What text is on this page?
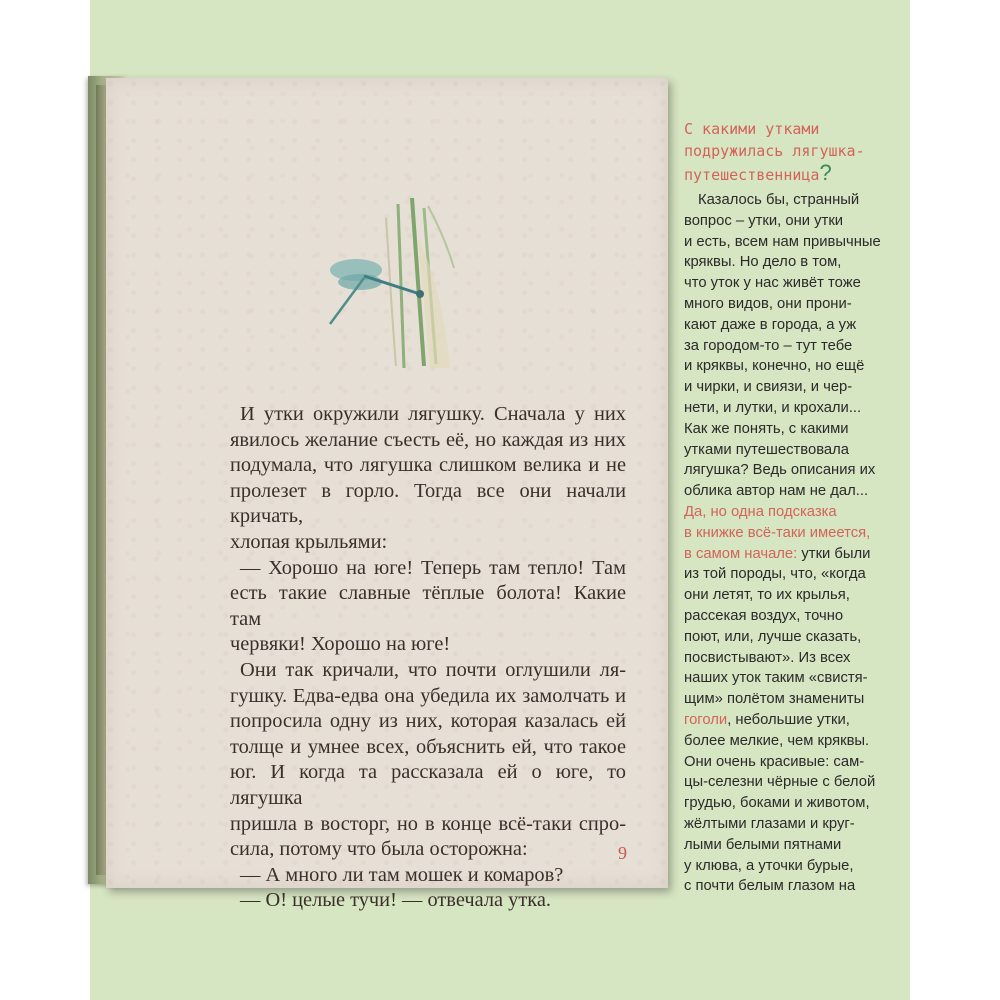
И утки окружили лягушку. Сначала у них

явилось желание съесть её, но каждая из них

подумала, что лягушка слишком велика и не

пролезет в горло. Тогда все они начали кричать,

хлопая крыльями:

— Хорошо на юге! Теперь там тепло! Там

есть такие славные тёплые болота! Какие там

червяки! Хорошо на юге!

Они так кричали, что почти оглушили ля-

гушку. Едва-едва она убедила их замолчать и

попросила одну из них, которая казалась ей

толще и умнее всех, объяснить ей, что такое

юг. И когда та рассказала ей о юге, то лягушка

пришла в восторг, но в конце всё-таки спро-

сила, потому что была осторожна:

— А много ли там мошек и комаров?

— О! целые тучи! — отвечала утка.

9
С какими утками
подружилась лягушка-
путешественница?
Казалось бы, странный
вопрос – утки, они утки
и есть, всем нам привычные
кряквы. Но дело в том,
что уток у нас живёт тоже
много видов, они прони-
кают даже в города, а уж
за городом-то – тут тебе
и кряквы, конечно, но ещё
и чирки, и свиязи, и чер-
нети, и лутки, и крохали...
Как же понять, с какими
утками путешествовала
лягушка? Ведь описания их
облика автор нам не дал...
Да, но одна подсказка
в книжке всё-таки имеется,
в самом начале: утки были
из той породы, что, «когда
они летят, то их крылья,
рассекая воздух, точно
поют, или, лучше сказать,
посвистывают». Из всех
наших уток таким «свистя-
щим» полётом знамениты
гоголи, небольшие утки,
более мелкие, чем кряквы.
Они очень красивые: сам-
цы-селезни чёрные с белой
грудью, боками и животом,
жёлтыми глазами и круг-
лыми белыми пятнами
у клюва, а уточки бурые,
с почти белым глазом на
